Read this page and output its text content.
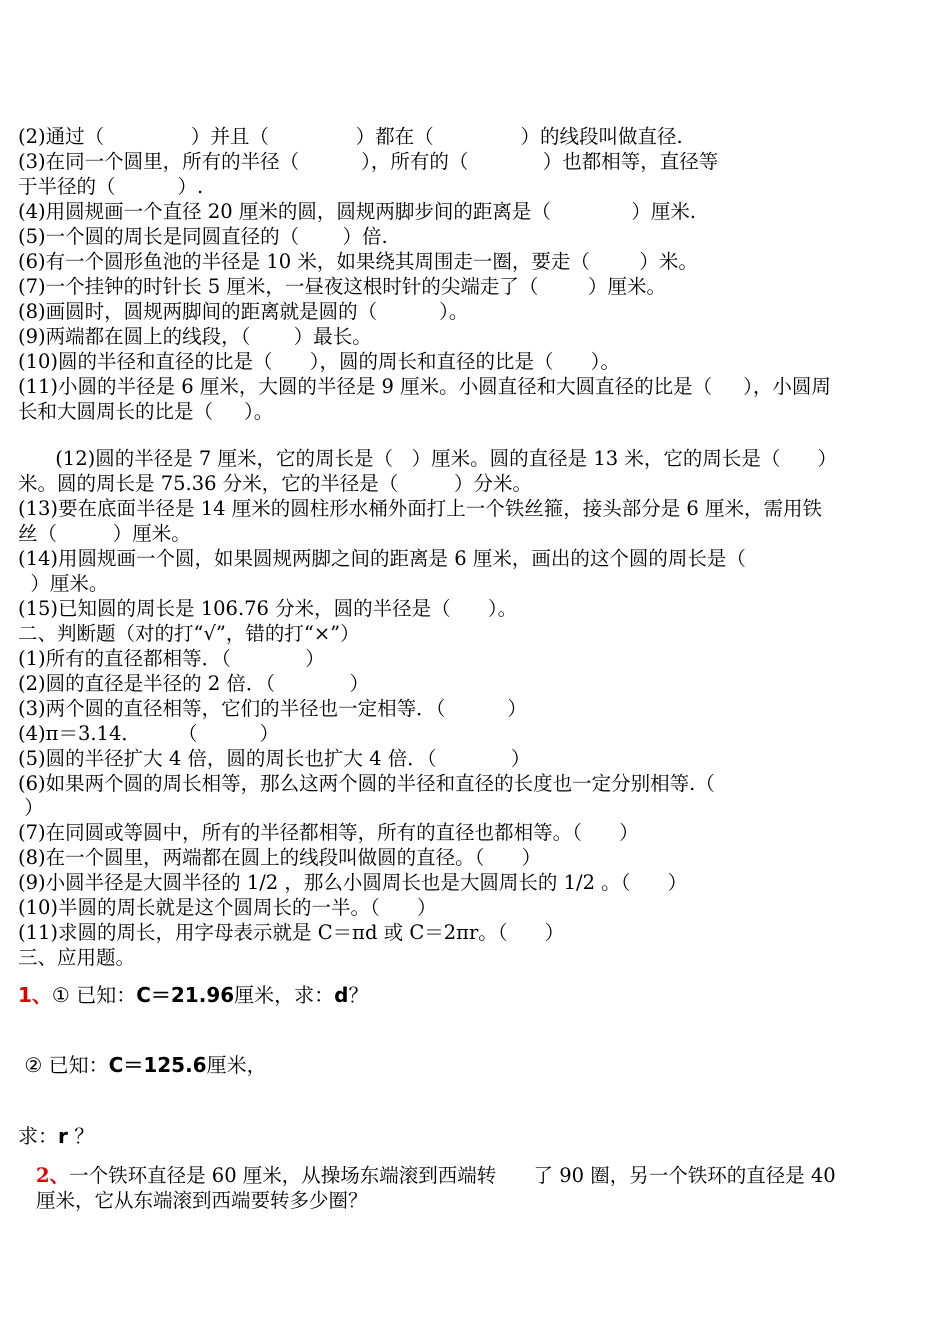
(2)通过（              ）并且（              ）都在（              ）的线段叫做直径.
(3)在同一个圆里，所有的半径（          ），所有的（            ）也都相等，直径等
于半径的（          ）.
(4)用圆规画一个直径 20 厘米的圆，圆规两脚步间的距离是（             ）厘米.
(5)一个圆的周长是同圆直径的（       ）倍.
(6)有一个圆形鱼池的半径是 10 米，如果绕其周围走一圈，要走（        ）米。
(7)一个挂钟的时针长 5 厘米，一昼夜这根时针的尖端走了（        ）厘米。
(8)画圆时，圆规两脚间的距离就是圆的（          ）。
(9)两端都在圆上的线段，（       ）最长。
(10)圆的半径和直径的比是（      ），圆的周长和直径的比是（      ）。
(11)小圆的半径是 6 厘米，大圆的半径是 9 厘米。小圆直径和大圆直径的比是（     ），小圆周
长和大圆周长的比是（     ）。
(12)圆的半径是 7 厘米，它的周长是（   ）厘米。圆的直径是 13 米，它的周长是（      ）
米。圆的周长是 75.36 分米，它的半径是（         ）分米。
(13)要在底面半径是 14 厘米的圆柱形水桶外面打上一个铁丝箍，接头部分是 6 厘米，需用铁
丝（         ）厘米。
(14)用圆规画一个圆，如果圆规两脚之间的距离是 6 厘米，画出的这个圆的周长是（
）厘米。
(15)已知圆的周长是 106.76 分米，圆的半径是（      ）。
二、判断题（对的打“√”，错的打“×”）
(1)所有的直径都相等．（            ）
(2)圆的直径是半径的 2 倍．（            ）
(3)两个圆的直径相等，它们的半径也一定相等．（          ）
(4)π＝3.14．      （          ）
(5)圆的半径扩大 4 倍，圆的周长也扩大 4 倍．（            ）
(6)如果两个圆的周长相等，那么这两个圆的半径和直径的长度也一定分别相等.（
）
(7)在同圆或等圆中，所有的半径都相等，所有的直径也都相等。（      ）
(8)在一个圆里，两端都在圆上的线段叫做圆的直径。（      ）
(9)小圆半径是大圆半径的 1/2 ，那么小圆周长也是大圆周长的 1/2 。（      ）
(10)半圆的周长就是这个圆周长的一半。（      ）
(11)求圆的周长，用字母表示就是 C＝πd 或 C＝2πr。（      ）
三、应用题。
1、① 已知：C＝21.96厘米，求：d？
② 已知：C＝125.6厘米，
求：r ？
2、一个铁环直径是 60 厘米，从操场东端滚到西端转      了 90 圈，另一个铁环的直径是 40
厘米，它从东端滚到西端要转多少圈？
